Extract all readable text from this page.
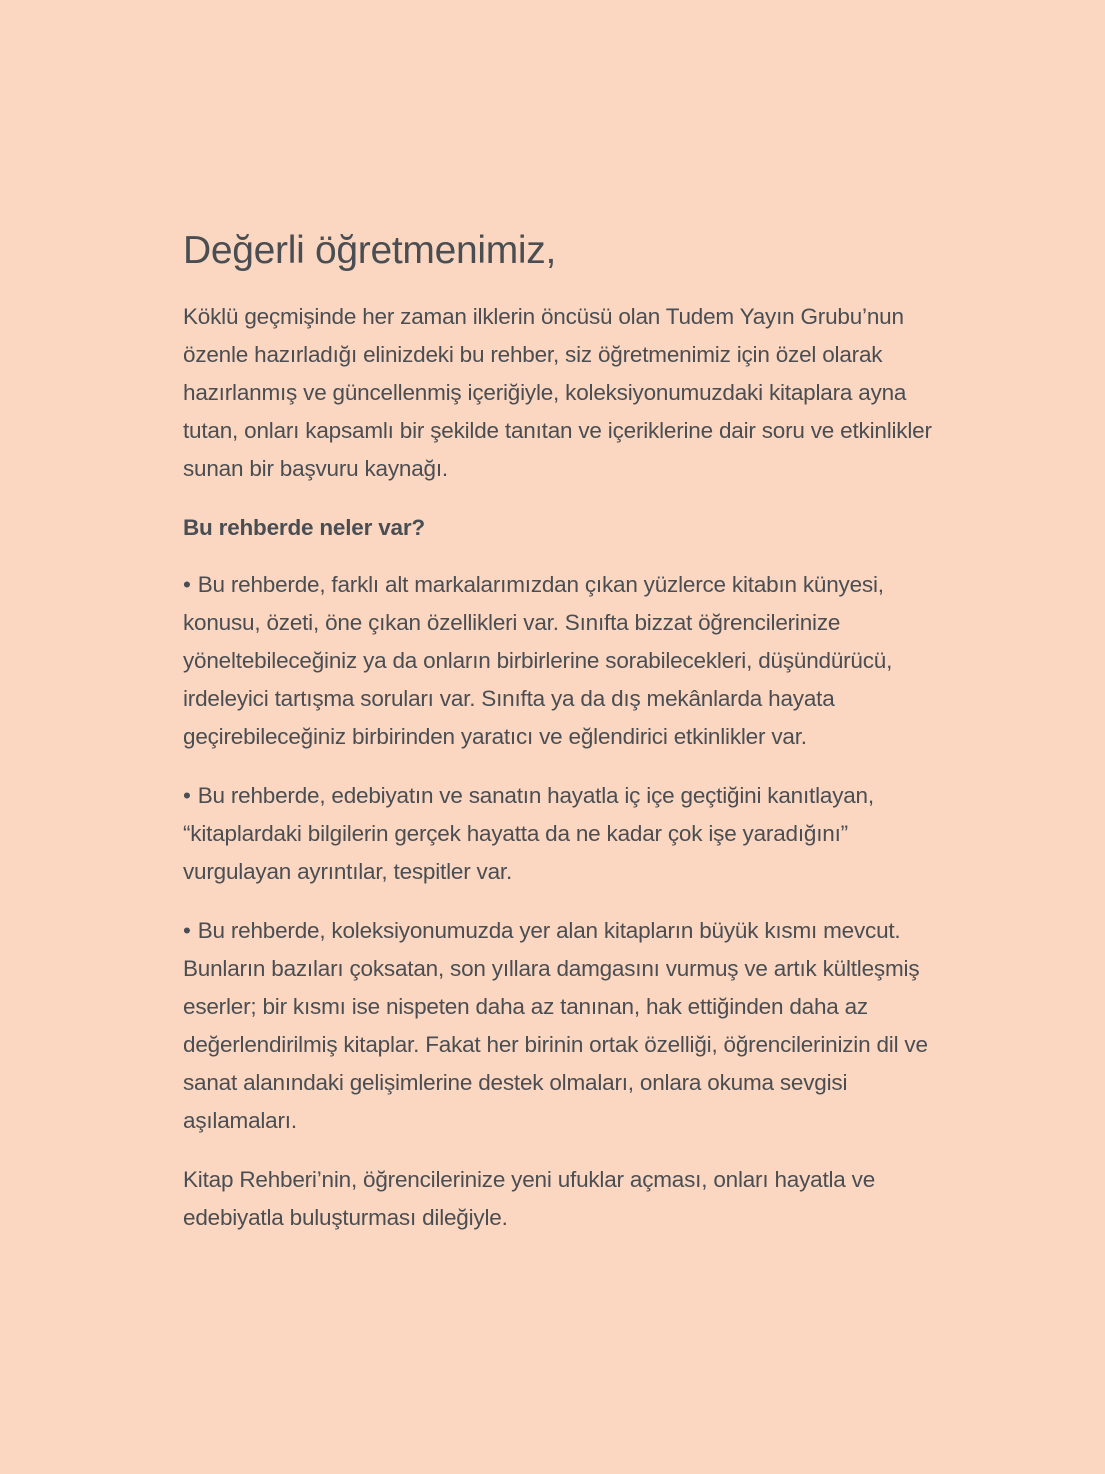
Değerli öğretmenimiz,

Köklü geçmişinde her zaman ilklerin öncüsü olan Tudem Yayın Grubu’nun özenle hazırladığı elinizdeki bu rehber, siz öğretmenimiz için özel olarak hazırlanmış ve güncellenmiş içeriğiyle, koleksiyonumuzdaki kitaplara ayna tutan, onları kapsamlı bir şekilde tanıtan ve içeriklerine dair soru ve etkinlikler sunan bir başvuru kaynağı.

Bu rehberde neler var?

• Bu rehberde, farklı alt markalarımızdan çıkan yüzlerce kitabın künyesi, konusu, özeti, öne çıkan özellikleri var. Sınıfta bizzat öğrencilerinize yöneltebileceğiniz ya da onların birbirlerine sorabilecekleri, düşündürücü, irdeleyici tartışma soruları var. Sınıfta ya da dış mekânlarda hayata geçirebileceğiniz birbirinden yaratıcı ve eğlendirici etkinlikler var.

• Bu rehberde, edebiyatın ve sanatın hayatla iç içe geçtiğini kanıtlayan, “kitaplardaki bilgilerin gerçek hayatta da ne kadar çok işe yaradığını” vurgulayan ayrıntılar, tespitler var.

• Bu rehberde, koleksiyonumuzda yer alan kitapların büyük kısmı mevcut. Bunların bazıları çoksatan, son yıllara damgasını vurmuş ve artık kültleşmiş eserler; bir kısmı ise nispeten daha az tanınan, hak ettiğinden daha az değerlendirilmiş kitaplar. Fakat her birinin ortak özelliği, öğrencilerinizin dil ve sanat alanındaki gelişimlerine destek olmaları, onlara okuma sevgisi aşılamaları.

Kitap Rehberi’nin, öğrencilerinize yeni ufuklar açması, onları hayatla ve edebiyatla buluşturması dileğiyle.
